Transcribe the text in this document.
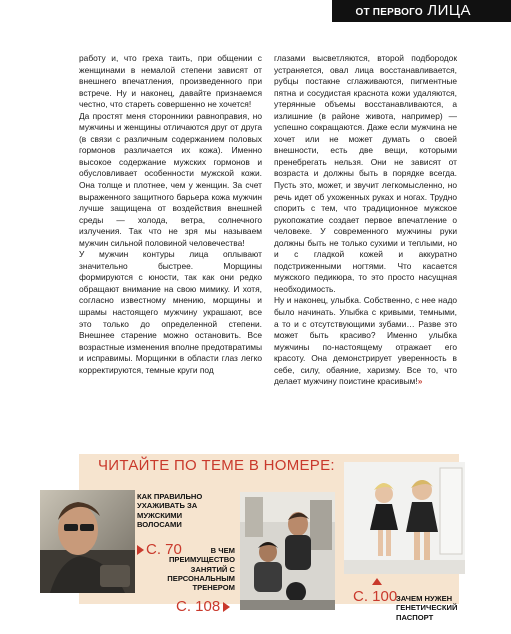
ОТ ПЕРВОГО ЛИЦА

работу и, что греха таить, при общении с женщинами в немалой степени зависят от внешнего впечатления, произведенного при встрече. Ну и наконец, давайте признаемся честно, что стареть совершенно не хочется!

Да простят меня сторонники равноправия, но мужчины и женщины отличаются друг от друга (в связи с различным содержанием половых гормонов различается их кожа). Именно высокое содержание мужских гормонов и обусловливает особенности мужской кожи. Она толще и плотнее, чем у женщин. За счет выраженного защитного барьера кожа мужчин лучше защищена от воздействия внешней среды — холода, ветра, солнечного излучения. Так что не зря мы называем мужчин сильной половиной человечества!

У мужчин контуры лица оплывают значительно быстрее. Морщины формируются с юности, так как они редко обращают внимание на свою мимику. И хотя, согласно известному мнению, морщины и шрамы настоящего мужчину украшают, все это только до определенной степени. Внешнее старение можно остановить. Все возрастные изменения вполне предотвратимы и исправимы. Морщинки в области глаз легко корректируются, темные круги под

глазами высветляются, второй подбородок устраняется, овал лица восстанавливается, рубцы постакне сглаживаются, пигментные пятна и сосудистая краснота кожи удаляются, утерянные объемы восстанавливаются, а излишние (в районе живота, например) — успешно сокращаются. Даже если мужчина не хочет или не может думать о своей внешности, есть две вещи, которыми пренебрегать нельзя. Они не зависят от возраста и должны быть в порядке всегда. Пусть это, может, и звучит легкомысленно, но речь идет об ухоженных руках и ногах. Трудно спорить с тем, что традиционное мужское рукопожатие создает первое впечатление о человеке. У современного мужчины руки должны быть не только сухими и теплыми, но и с гладкой кожей и аккуратно подстриженными ногтями. Что касается мужского педикюра, то это просто насущная необходимость.

Ну и наконец, улыбка. Собственно, с нее надо было начинать. Улыбка с кривыми, темными, а то и с отсутствующими зубами… Разве это может быть красиво? Именно улыбка мужчины по-настоящему отражает его красоту. Она демонстрирует уверенность в себе, силу, обаяние, харизму. Все то, что делает мужчину поистине красивым!»

ЧИТАЙТЕ ПО ТЕМЕ В НОМЕРЕ:
КАК ПРАВИЛЬНО УХАЖИВАТЬ ЗА МУЖСКИМИ ВОЛОСАМИ
С. 70	В ЧЕМ ПРЕИМУЩЕСТВО ЗАНЯТИЙ С ПЕРСОНАЛЬНЫМ ТРЕНЕРОМ
С. 108
С. 100
ЗАЧЕМ НУЖЕН ГЕНЕТИЧЕСКИЙ ПАСПОРТ
